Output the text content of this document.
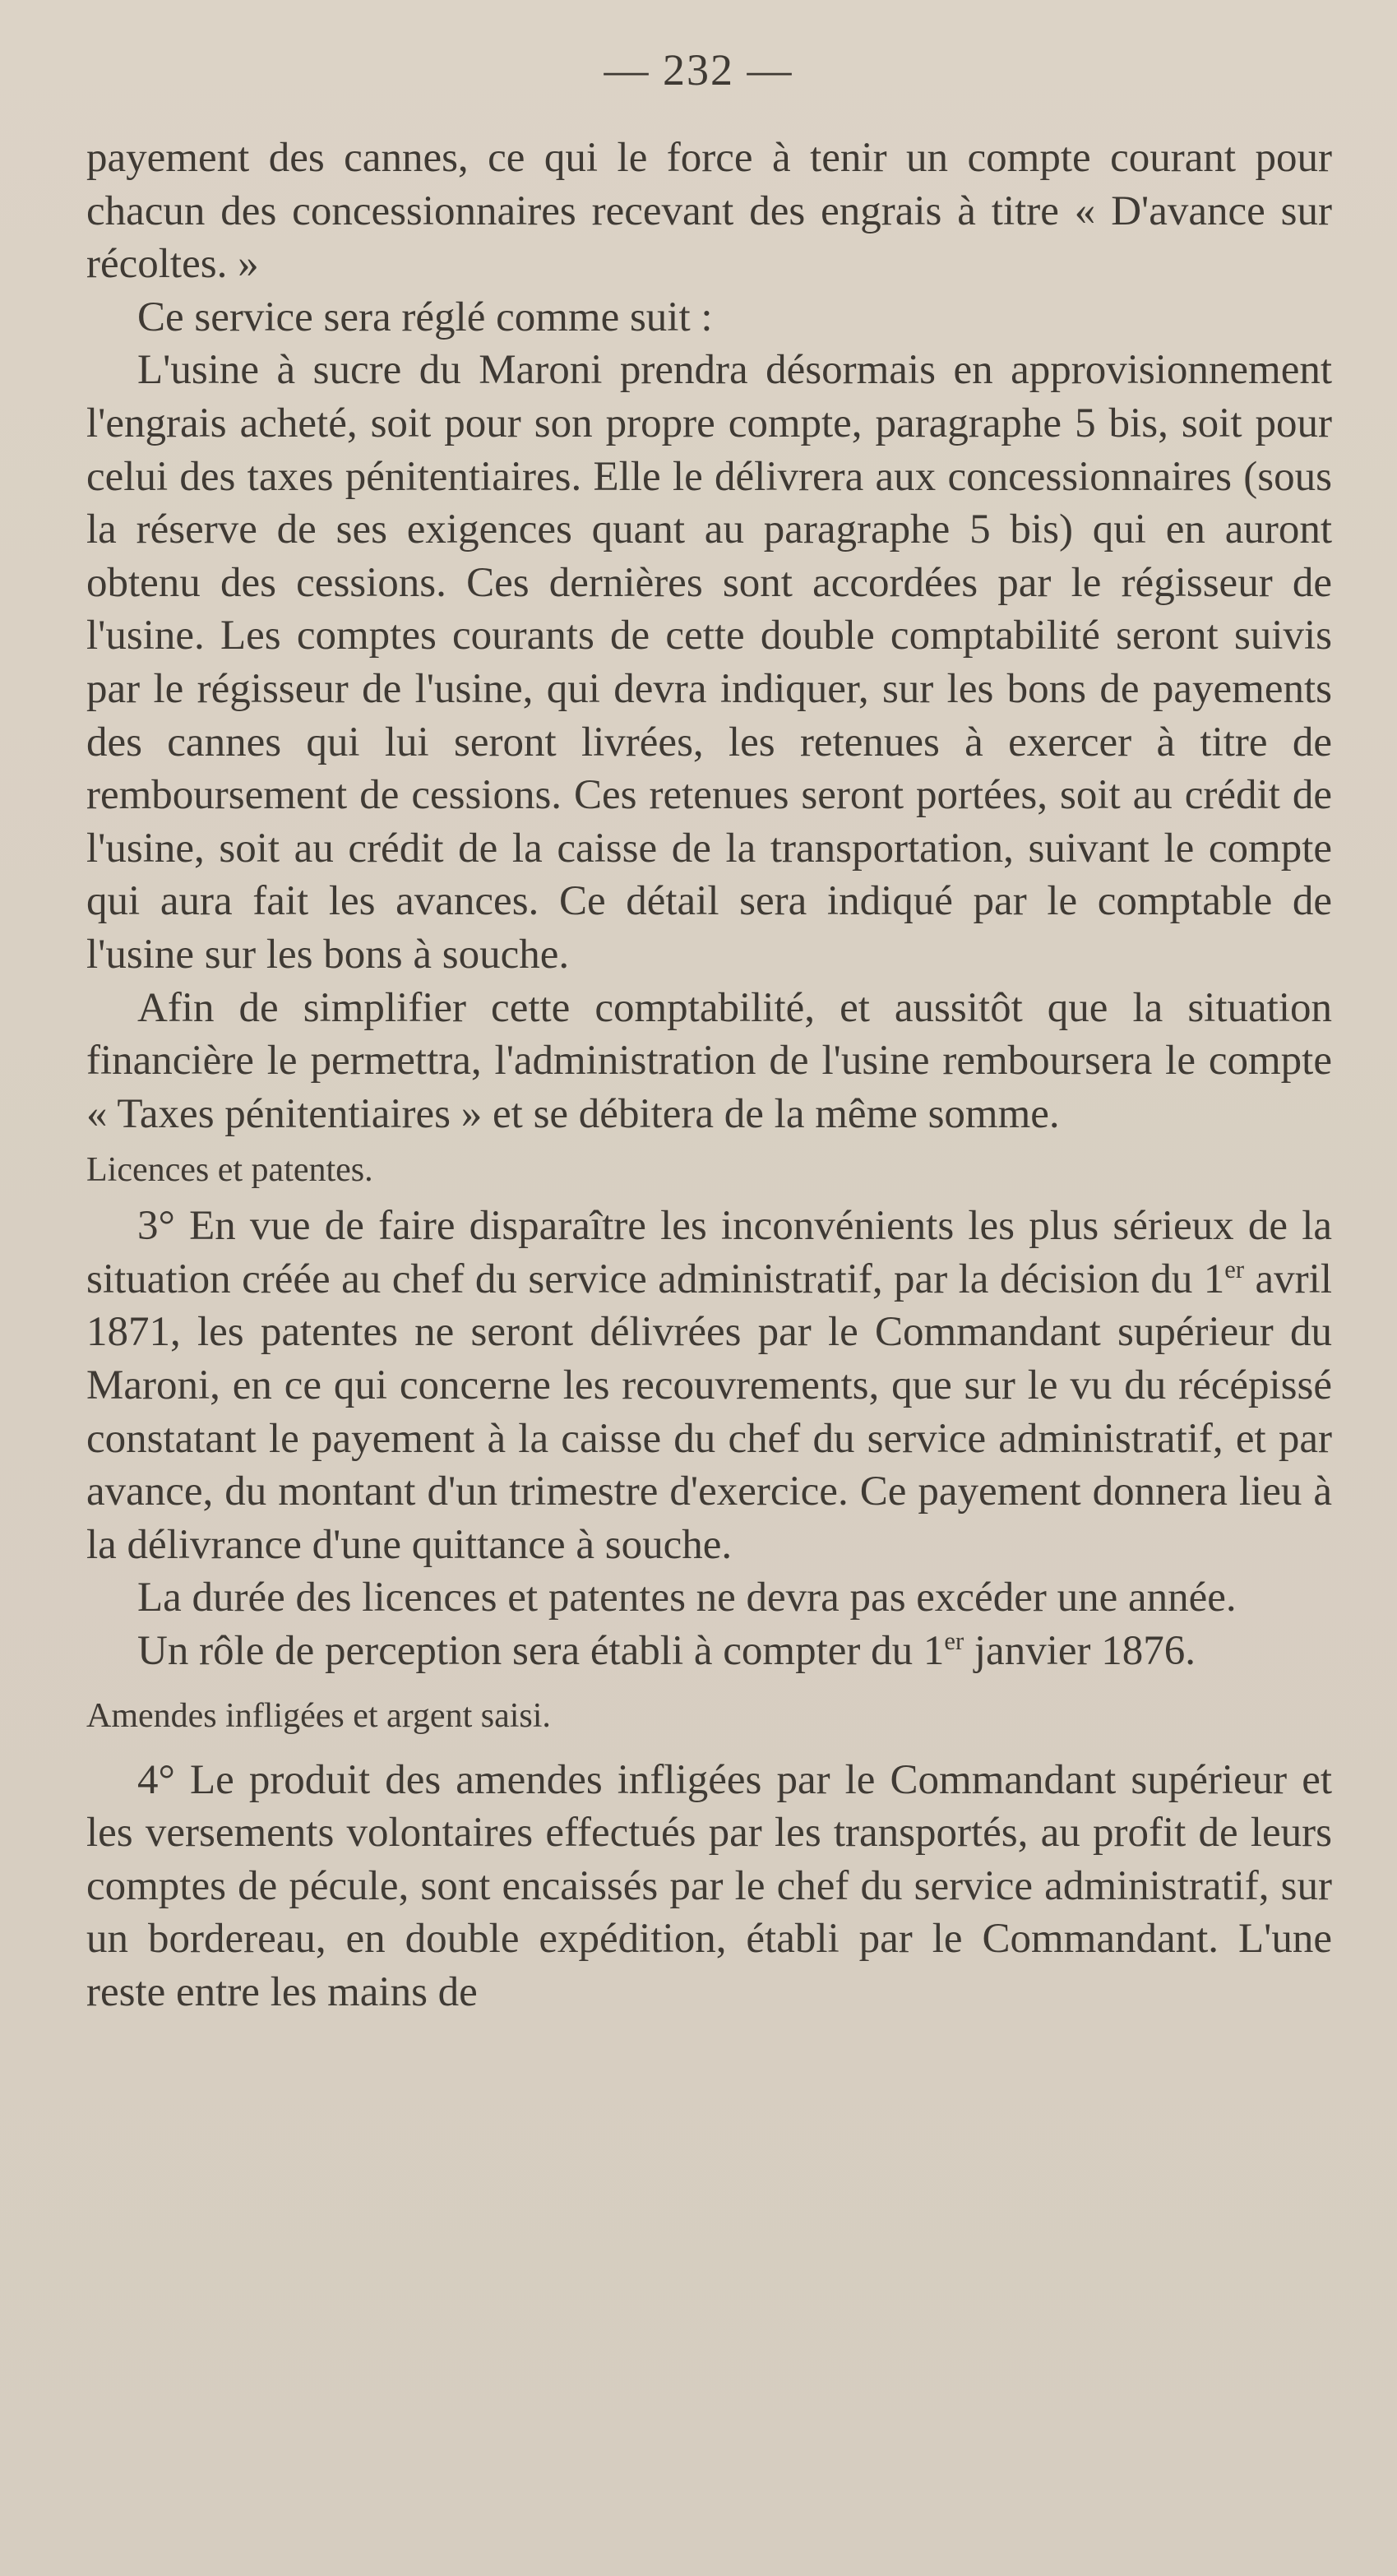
— 232 —

payement des cannes, ce qui le force à tenir un compte courant pour chacun des concessionnaires recevant des engrais à titre « D'avance sur récoltes. »

Ce service sera réglé comme suit :

L'usine à sucre du Maroni prendra désormais en approvisionnement l'engrais acheté, soit pour son propre compte, paragraphe 5 bis, soit pour celui des taxes pénitentiaires. Elle le délivrera aux concessionnaires (sous la réserve de ses exigences quant au paragraphe 5 bis) qui en auront obtenu des cessions. Ces dernières sont accordées par le régisseur de l'usine. Les comptes courants de cette double comptabilité seront suivis par le régisseur de l'usine, qui devra indiquer, sur les bons de payements des cannes qui lui seront livrées, les retenues à exercer à titre de remboursement de cessions. Ces retenues seront portées, soit au crédit de l'usine, soit au crédit de la caisse de la transportation, suivant le compte qui aura fait les avances. Ce détail sera indiqué par le comptable de l'usine sur les bons à souche.

Afin de simplifier cette comptabilité, et aussitôt que la situation financière le permettra, l'administration de l'usine remboursera le compte « Taxes pénitentiaires » et se débitera de la même somme.

Licences et patentes.

3° En vue de faire disparaître les inconvénients les plus sérieux de la situation créée au chef du service administratif, par la décision du 1er avril 1871, les patentes ne seront délivrées par le Commandant supérieur du Maroni, en ce qui concerne les recouvrements, que sur le vu du récépissé constatant le payement à la caisse du chef du service administratif, et par avance, du montant d'un trimestre d'exercice. Ce payement donnera lieu à la délivrance d'une quittance à souche.

La durée des licences et patentes ne devra pas excéder une année.

Un rôle de perception sera établi à compter du 1er janvier 1876.

Amendes infligées et argent saisi.

4° Le produit des amendes infligées par le Commandant supérieur et les versements volontaires effectués par les transportés, au profit de leurs comptes de pécule, sont encaissés par le chef du service administratif, sur un bordereau, en double expédition, établi par le Commandant. L'une reste entre les mains de
